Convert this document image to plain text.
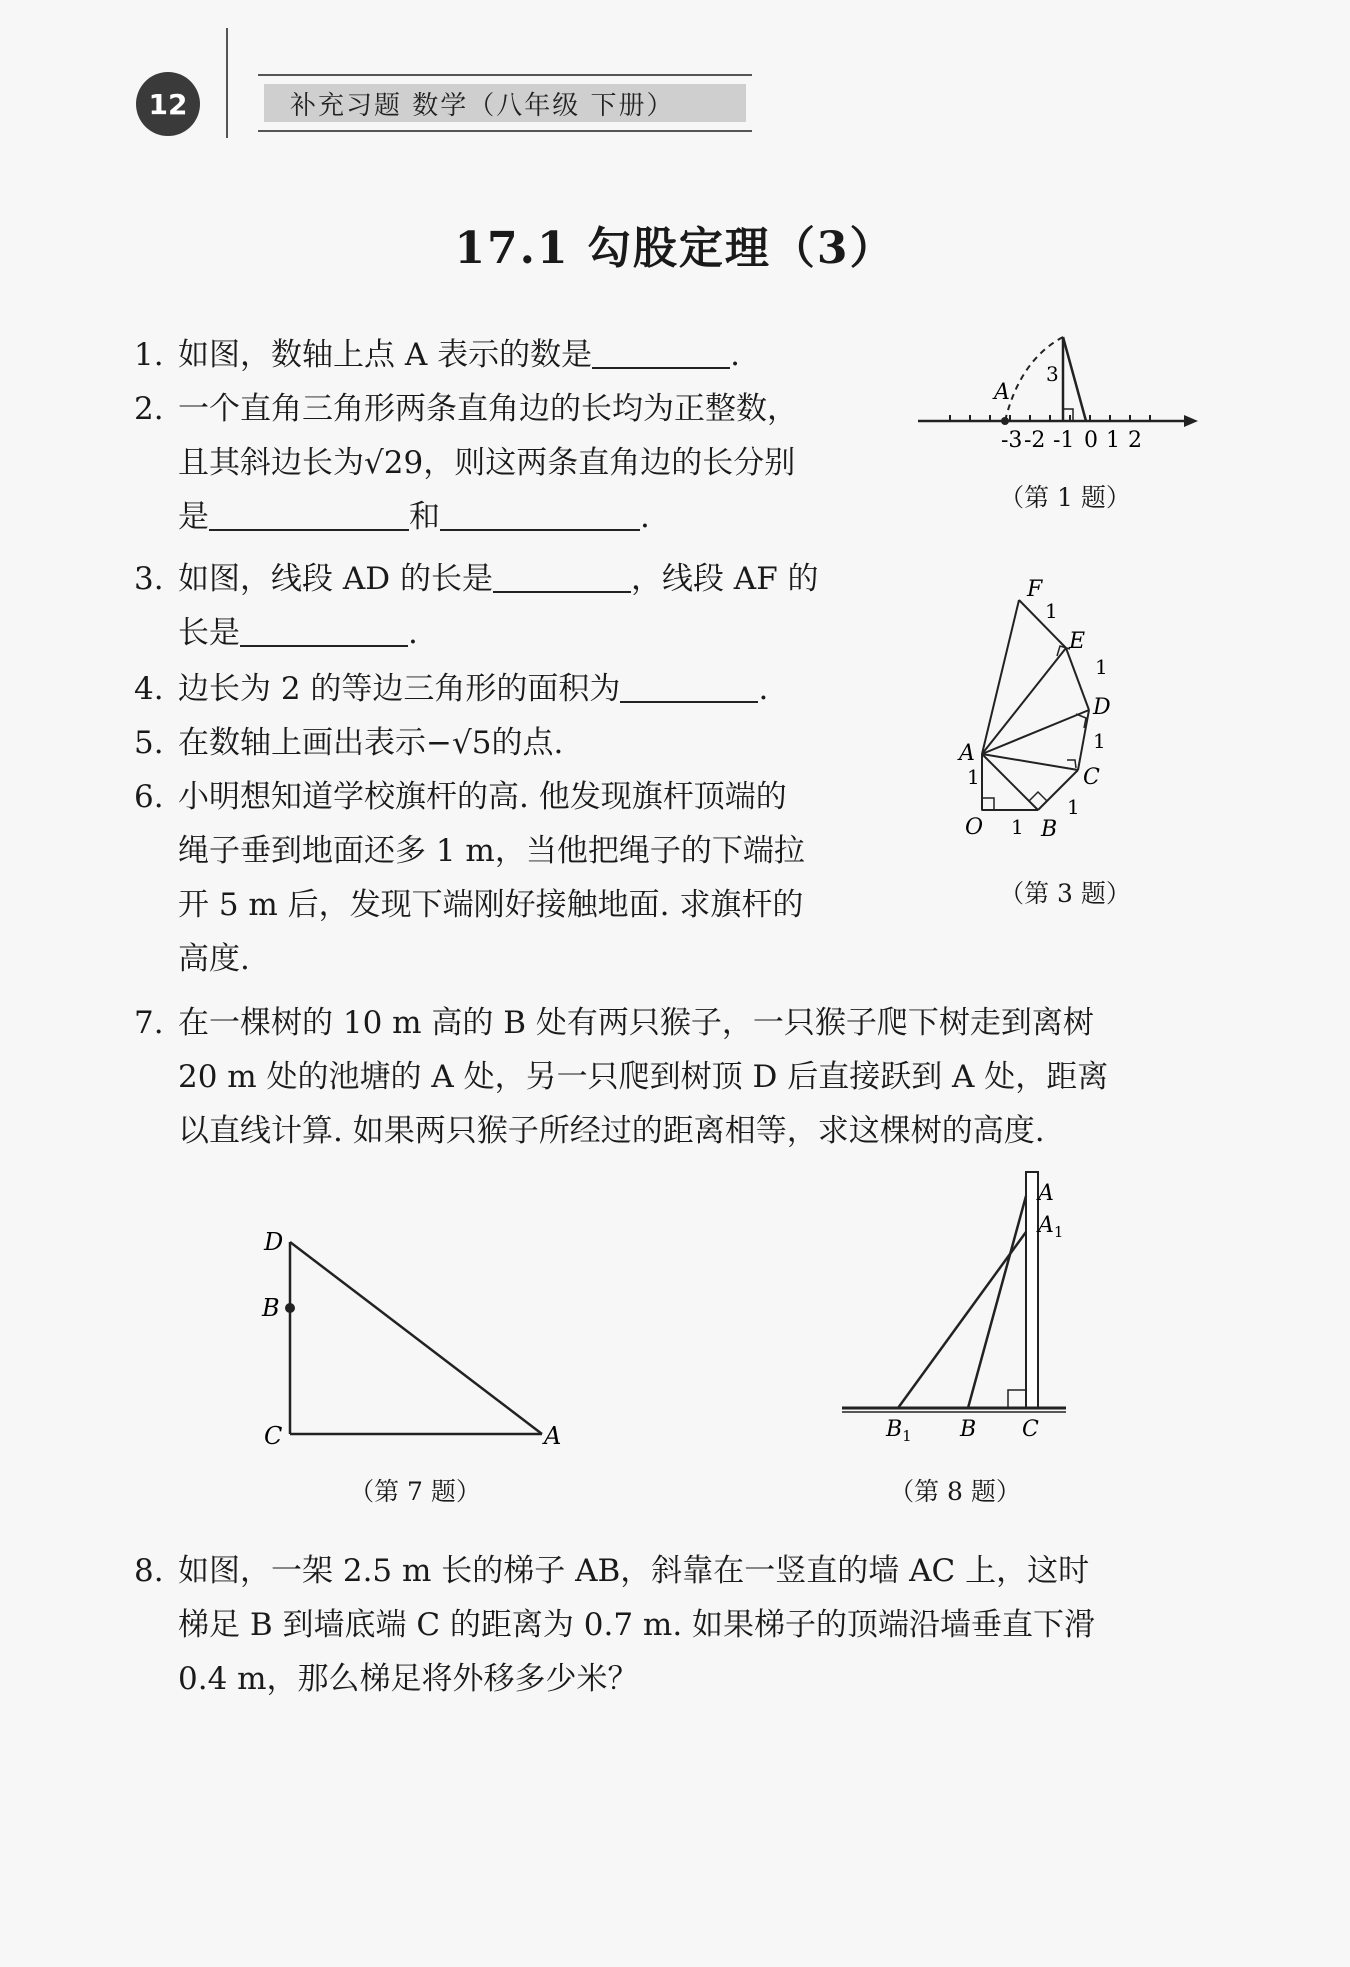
12	补充习题 数学（八年级 下册）
17.1 勾股定理（3）
1. 如图，数轴上点 A 表示的数是	.
2. 一个直角三角形两条直角边的长均为正整数，
且其斜边长为√29，则这两条直角边的长分别
是	和	.
3. 如图，线段 AD 的长是	，线段 AF 的
长是	.
4. 边长为 2 的等边三角形的面积为	.
5. 在数轴上画出表示−√5的点.
6. 小明想知道学校旗杆的高. 他发现旗杆顶端的
绳子垂到地面还多 1 m，当他把绳子的下端拉
开 5 m 后，发现下端刚好接触地面. 求旗杆的
高度.
7. 在一棵树的 10 m 高的 B 处有两只猴子，一只猴子爬下树走到离树
20 m 处的池塘的 A 处，另一只爬到树顶 D 后直接跃到 A 处，距离
以直线计算. 如果两只猴子所经过的距离相等，求这棵树的高度.
8. 如图，一架 2.5 m 长的梯子 AB，斜靠在一竖直的墙 AC 上，这时
梯足 B 到墙底端 C 的距离为 0.7 m. 如果梯子的顶端沿墙垂直下滑
0.4 m，那么梯足将外移多少米？
A
3
-3 -2 -1 0 1 2
（第 1 题）
F
E
D
C
A
O	B
1
1
1
1
1
1
（第 3 题）
D
B
C	A
（第 7 题）
A
$A_1$
$B_1$ B C
（第 8 题）
